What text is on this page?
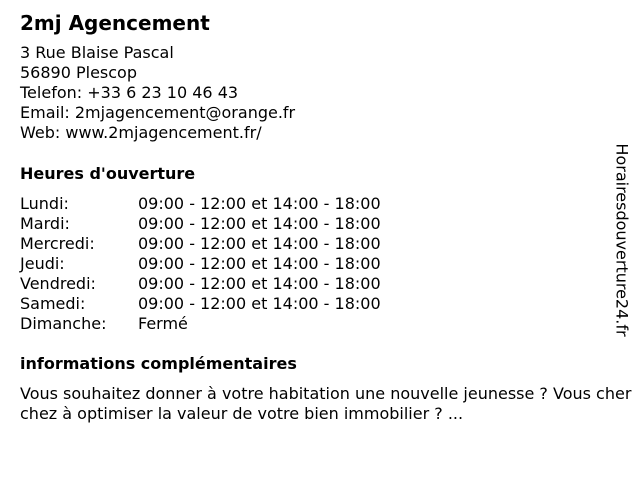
2mj Agencement
3 Rue Blaise Pascal
56890 Plescop
Telefon: +33 6 23 10 46 43
Email: 2mjagencement@orange.fr
Web: www.2mjagencement.fr/
Heures d'ouverture
Lundi:	09:00 - 12:00 et 14:00 - 18:00
Mardi:	09:00 - 12:00 et 14:00 - 18:00
Mercredi:	09:00 - 12:00 et 14:00 - 18:00
Jeudi:	09:00 - 12:00 et 14:00 - 18:00
Vendredi:	09:00 - 12:00 et 14:00 - 18:00
Samedi:	09:00 - 12:00 et 14:00 - 18:00
Dimanche:	Fermé
informations complémentaires

Vous souhaitez donner à votre habitation une nouvelle jeunesse ? Vous cherchez à optimiser la valeur de votre bien immobilier ? ...

Horairesdouverture24.fr
